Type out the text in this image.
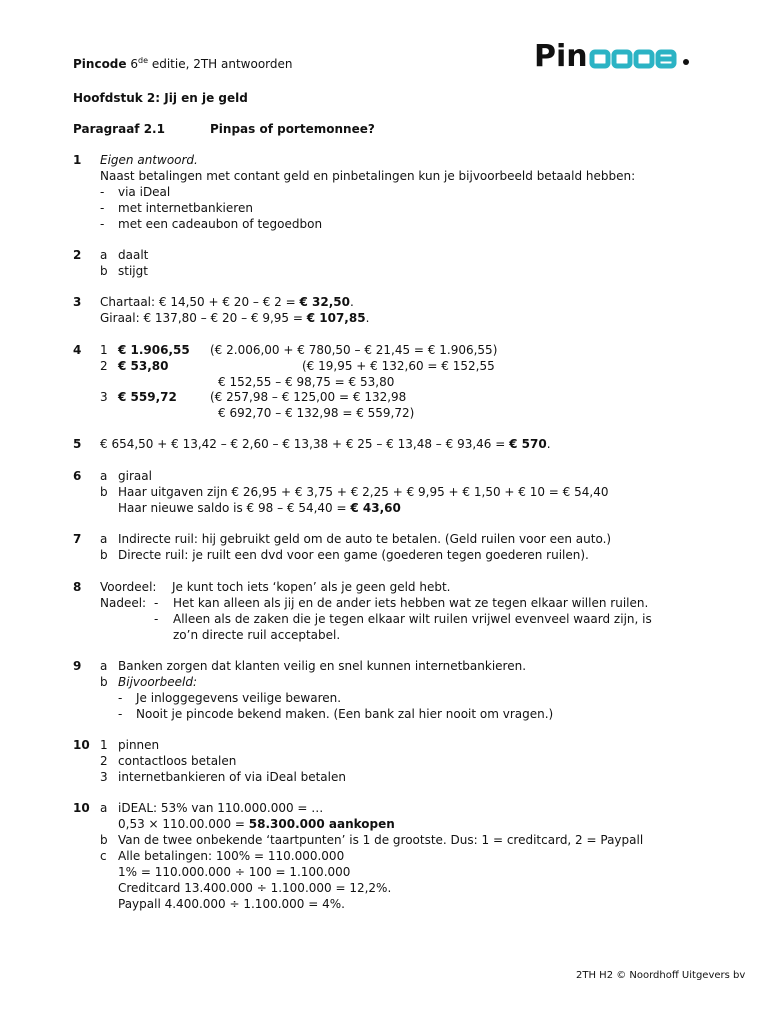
Pincode 6de editie, 2TH antwoorden	Pin
Hoofdstuk 2: Jij en je geld
Paragraaf 2.1	Pinpas of portemonnee?
1 Eigen antwoord.
Naast betalingen met contant geld en pinbetalingen kun je bijvoorbeeld betaald hebben:
- via iDeal
- met internetbankieren
- met een cadeaubon of tegoedbon
2 a daalt
b stijgt
3 Chartaal: € 14,50 + € 20 – € 2 = € 32,50.
Giraal: € 137,80 – € 20 – € 9,95 = € 107,85.
4 1 € 1.906,55 (€ 2.006,00 + € 780,50 – € 21,45 = € 1.906,55)
2 € 53,80	(€ 19,95 + € 132,60 = € 152,55
€ 152,55 – € 98,75 = € 53,80
3 € 559,72	(€ 257,98 – € 125,00 = € 132,98
€ 692,70 – € 132,98 = € 559,72)
5 € 654,50 + € 13,42 – € 2,60 – € 13,38 + € 25 – € 13,48 – € 93,46 = € 570.
6 a giraal
b Haar uitgaven zijn € 26,95 + € 3,75 + € 2,25 + € 9,95 + € 1,50 + € 10 = € 54,40
Haar nieuwe saldo is € 98 – € 54,40 = € 43,60
7 a Indirecte ruil: hij gebruikt geld om de auto te betalen. (Geld ruilen voor een auto.)
b Directe ruil: je ruilt een dvd voor een game (goederen tegen goederen ruilen).
8 Voordeel: Je kunt toch iets ‘kopen’ als je geen geld hebt.
Nadeel: - Het kan alleen als jij en de ander iets hebben wat ze tegen elkaar willen ruilen.
- Alleen als de zaken die je tegen elkaar wilt ruilen vrijwel evenveel waard zijn, is
zo’n directe ruil acceptabel.
9 a Banken zorgen dat klanten veilig en snel kunnen internetbankieren.
b Bijvoorbeeld:
- Je inloggegevens veilige bewaren.
- Nooit je pincode bekend maken. (Een bank zal hier nooit om vragen.)
10 1 pinnen
2 contactloos betalen
3 internetbankieren of via iDeal betalen
10 a iDEAL: 53% van 110.000.000 = …
0,53 × 110.00.000 = 58.300.000 aankopen
b Van de twee onbekende ‘taartpunten’ is 1 de grootste. Dus: 1 = creditcard, 2 = Paypall
c Alle betalingen: 100% = 110.000.000
1% = 110.000.000 ÷ 100 = 1.100.000
Creditcard 13.400.000 ÷ 1.100.000 = 12,2%.
Paypall 4.400.000 ÷ 1.100.000 = 4%.
2TH H2 © Noordhoff Uitgevers bv
